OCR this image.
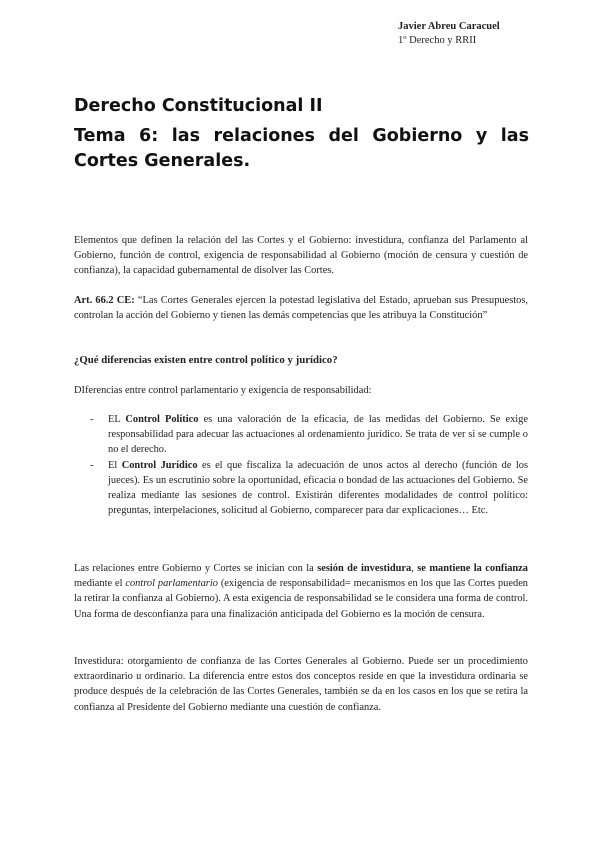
Javier Abreu Caracuel
1º Derecho y RRII
Derecho Constitucional II
Tema 6: las relaciones del Gobierno y las Cortes Generales.
Elementos que definen la relación del las Cortes y el Gobierno: investidura, confianza del Parlamento al Gobierno, función de control, exigencia de responsabilidad al Gobierno (moción de censura y cuestión de confianza), la capacidad gubernamental de disolver las Cortes.
Art. 66.2 CE: “Las Cortes Generales ejercen la potestad legislativa del Estado, aprueban sus Presupuestos, controlan la acción del Gobierno y tienen las demás competencias que les atribuya la Constitución”
¿Qué diferencias existen entre control político y jurídico?
DIferencias entre control parlamentario y exigencia de responsabilidad:
- EL Control Político es una valoración de la eficacia, de las medidas del Gobierno. Se exige responsabilidad para adecuar las actuaciones al ordenamiento jurídico. Se trata de ver si se cumple o no el derecho.
- El Control Jurídico es el que fiscaliza la adecuación de unos actos al derecho (función de los jueces). Es un escrutinio sobre la oportunidad, eficacia o bondad de las actuaciones del Gobierno. Se realiza mediante las sesiones de control. Existirán diferentes modalidades de control político: preguntas, interpelaciones, solicitud al Gobierno, comparecer para dar explicaciones… Etc.
Las relaciones entre Gobierno y Cortes se inician con la sesión de investidura, se mantiene la confianza mediante el control parlamentario (exigencia de responsabilidad= mecanismos en los que las Cortes pueden la retirar la confianza al Gobierno). A esta exigencia de responsabilidad se le considera una forma de control. Una forma de desconfianza para una finalización anticipada del Gobierno es la moción de censura.
Investidura: otorgamiento de confianza de las Cortes Generales al Gobierno. Puede ser un procedimiento extraordinario u ordinario. La diferencia entre estos dos conceptos reside en que la investidura ordinaria se produce después de la celebración de las Cortes Generales, también se da en los casos en los que se retira la confianza al Presidente del Gobierno mediante una cuestión de confianza.
